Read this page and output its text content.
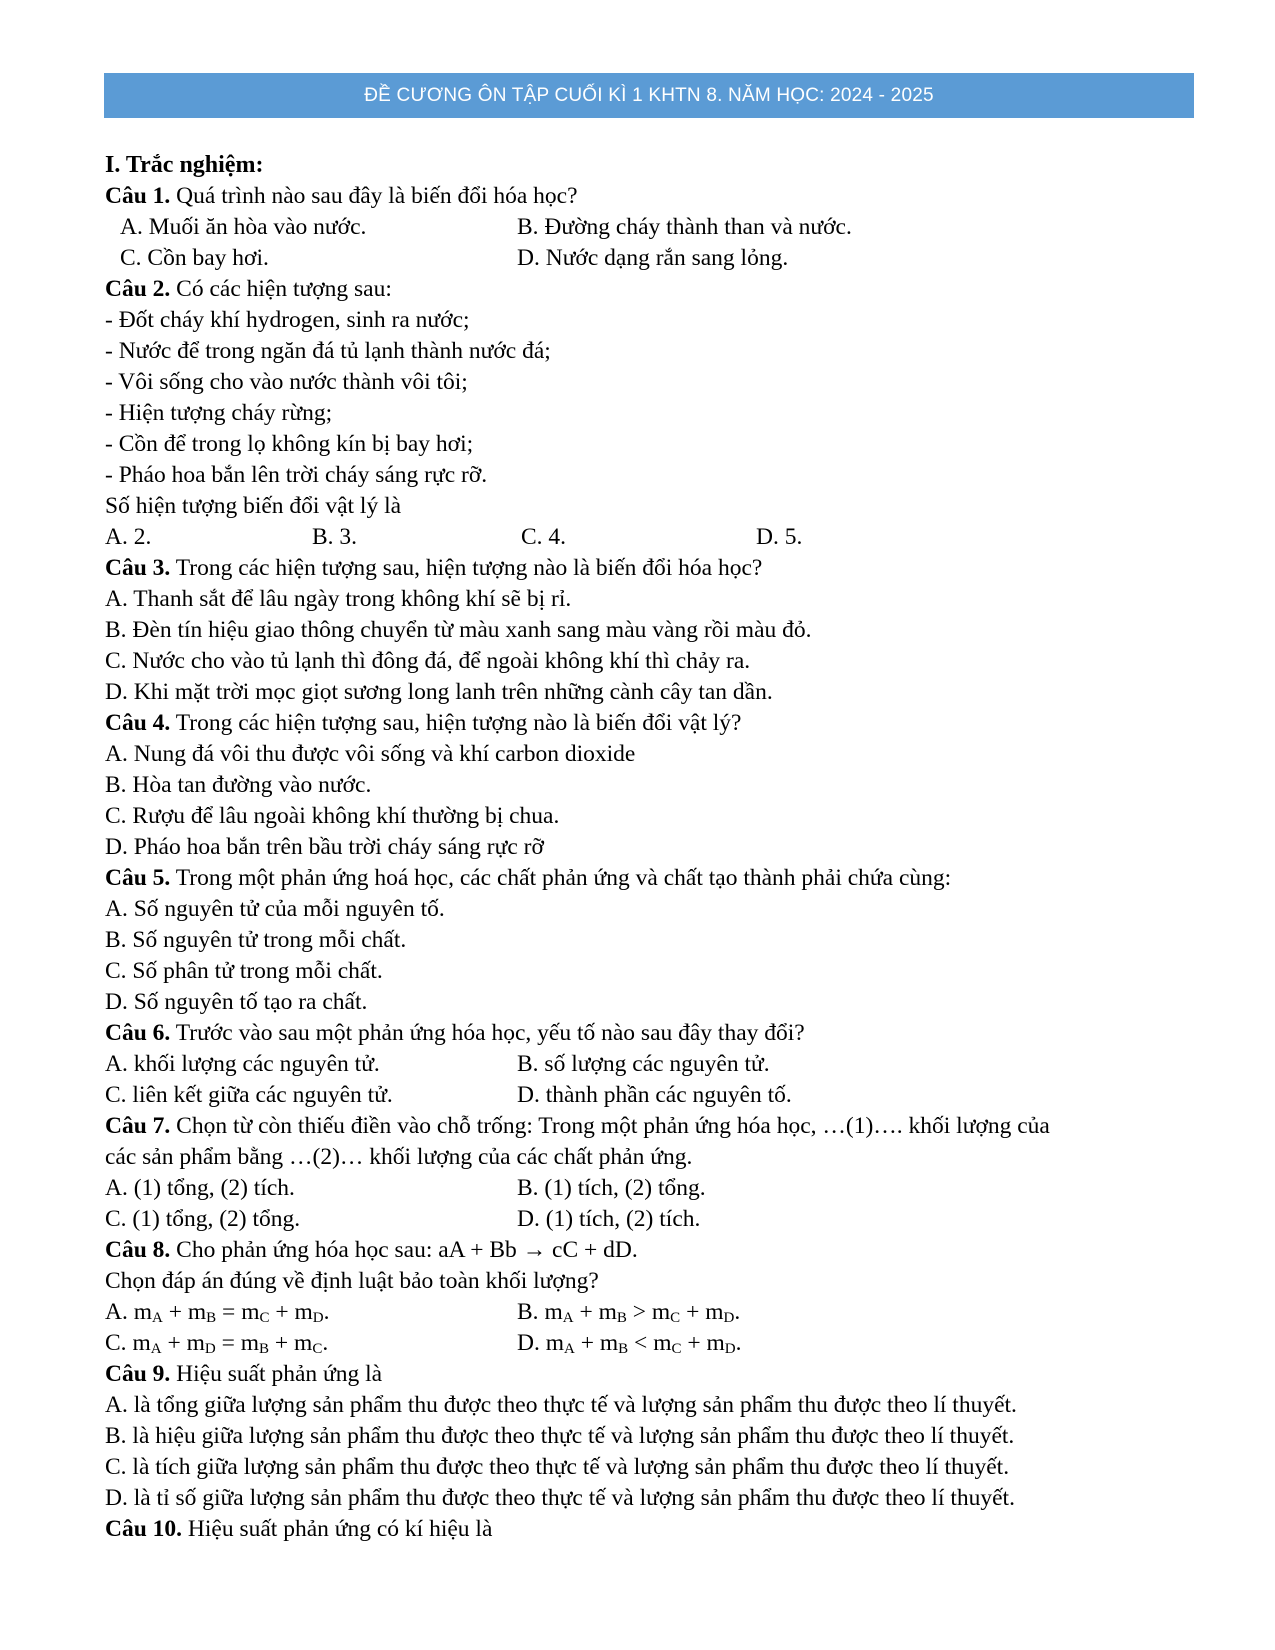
ĐỀ CƯƠNG ÔN TẬP CUỐI KÌ 1 KHTN 8. NĂM HỌC: 2024 - 2025
I. Trắc nghiệm:
Câu 1. Quá trình nào sau đây là biến đổi hóa học?
A. Muối ăn hòa vào nước.	B. Đường cháy thành than và nước.
C. Cồn bay hơi.	D. Nước dạng rắn sang lỏng.
Câu 2. Có các hiện tượng sau:
- Đốt cháy khí hydrogen, sinh ra nước;
- Nước để trong ngăn đá tủ lạnh thành nước đá;
- Vôi sống cho vào nước thành vôi tôi;
- Hiện tượng cháy rừng;
- Cồn để trong lọ không kín bị bay hơi;
- Pháo hoa bắn lên trời cháy sáng rực rỡ.
Số hiện tượng biến đổi vật lý là
A. 2.	B. 3.	C. 4.	D. 5.
Câu 3. Trong các hiện tượng sau, hiện tượng nào là biến đổi hóa học?
A. Thanh sắt để lâu ngày trong không khí sẽ bị rỉ.
B. Đèn tín hiệu giao thông chuyển từ màu xanh sang màu vàng rồi màu đỏ.
C. Nước cho vào tủ lạnh thì đông đá, để ngoài không khí thì chảy ra.
D. Khi mặt trời mọc giọt sương long lanh trên những cành cây tan dần.
Câu 4. Trong các hiện tượng sau, hiện tượng nào là biến đổi vật lý?
A. Nung đá vôi thu được vôi sống và khí carbon dioxide
B. Hòa tan đường vào nước.
C. Rượu để lâu ngoài không khí thường bị chua.
D. Pháo hoa bắn trên bầu trời cháy sáng rực rỡ
Câu 5. Trong một phản ứng hoá học, các chất phản ứng và chất tạo thành phải chứa cùng:
A. Số nguyên tử của mỗi nguyên tố.
B. Số nguyên tử trong mỗi chất.
C. Số phân tử trong mỗi chất.
D. Số nguyên tố tạo ra chất.
Câu 6. Trước vào sau một phản ứng hóa học, yếu tố nào sau đây thay đổi?
A. khối lượng các nguyên tử.	B. số lượng các nguyên tử.
C. liên kết giữa các nguyên tử.	D. thành phần các nguyên tố.
Câu 7. Chọn từ còn thiếu điền vào chỗ trống: Trong một phản ứng hóa học, …(1)…. khối lượng của
các sản phẩm bằng …(2)… khối lượng của các chất phản ứng.
A. (1) tổng, (2) tích.	B. (1) tích, (2) tổng.
C. (1) tổng, (2) tổng.	D. (1) tích, (2) tích.
Câu 8. Cho phản ứng hóa học sau: aA + Bb → cC + dD.
Chọn đáp án đúng về định luật bảo toàn khối lượng?
A. $m_A + m_B = m_C + m_D$.	B. $m_A + m_B > m_C + m_D$.
C. $m_A + m_D = m_B + m_C$.	D. $m_A + m_B < m_C + m_D$.
Câu 9. Hiệu suất phản ứng là
A. là tổng giữa lượng sản phẩm thu được theo thực tế và lượng sản phẩm thu được theo lí thuyết.
B. là hiệu giữa lượng sản phẩm thu được theo thực tế và lượng sản phẩm thu được theo lí thuyết.
C. là tích giữa lượng sản phẩm thu được theo thực tế và lượng sản phẩm thu được theo lí thuyết.
D. là tỉ số giữa lượng sản phẩm thu được theo thực tế và lượng sản phẩm thu được theo lí thuyết.
Câu 10. Hiệu suất phản ứng có kí hiệu là
